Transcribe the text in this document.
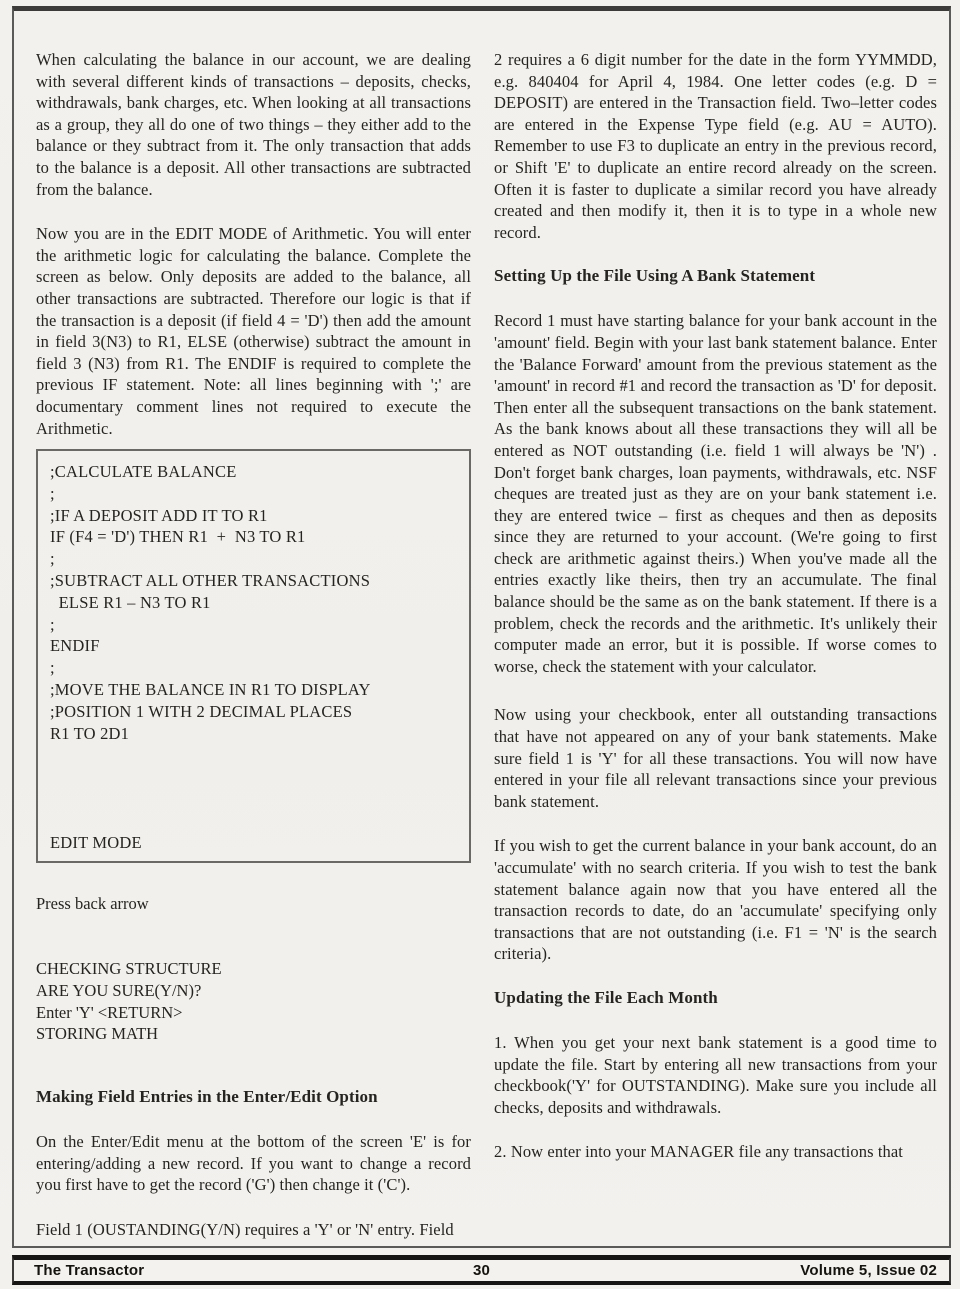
When calculating the balance in our account, we are dealing with several different kinds of transactions – deposits, checks, withdrawals, bank charges, etc. When looking at all transactions as a group, they all do one of two things – they either add to the balance or they subtract from it. The only transaction that adds to the balance is a deposit. All other transactions are subtracted from the balance.

Now you are in the EDIT MODE of Arithmetic. You will enter the arithmetic logic for calculating the balance. Complete the screen as below. Only deposits are added to the balance, all other transactions are subtracted. Therefore our logic is that if the transaction is a deposit (if field 4 = 'D') then add the amount in field 3(N3) to R1, ELSE (otherwise) subtract the amount in field 3 (N3) from R1. The ENDIF is required to complete the previous IF statement. Note: all lines beginning with ';' are documentary comment lines not required to execute the Arithmetic.

;CALCULATE BALANCE
;
;IF A DEPOSIT ADD IT TO R1
IF (F4 = 'D') THEN R1  +  N3 TO R1
;
;SUBTRACT ALL OTHER TRANSACTIONS
ELSE R1 – N3 TO R1
;
ENDIF
;
;MOVE THE BALANCE IN R1 TO DISPLAY
;POSITION 1 WITH 2 DECIMAL PLACES
R1 TO 2D1

EDIT MODE
Press back arrow
CHECKING STRUCTURE
ARE YOU SURE(Y/N)?
Enter 'Y' <RETURN>
STORING MATH
Making Field Entries in the Enter/Edit Option

On the Enter/Edit menu at the bottom of the screen 'E' is for entering/adding a new record. If you want to change a record you first have to get the record ('G') then change it ('C').

Field 1 (OUSTANDING(Y/N) requires a 'Y' or 'N' entry. Field

2 requires a 6 digit number for the date in the form YYMMDD, e.g. 840404 for April 4, 1984. One letter codes (e.g. D = DEPOSIT) are entered in the Transaction field. Two–letter codes are entered in the Expense Type field (e.g. AU = AUTO). Remember to use F3 to duplicate an entry in the previous record, or Shift 'E' to duplicate an entire record already on the screen. Often it is faster to duplicate a similar record you have already created and then modify it, then it is to type in a whole new record.

Setting Up the File Using A Bank Statement

Record 1 must have starting balance for your bank account in the 'amount' field. Begin with your last bank statement balance. Enter the 'Balance Forward' amount from the previous statement as the 'amount' in record #1 and record the transaction as 'D' for deposit. Then enter all the subsequent transactions on the bank statement. As the bank knows about all these transactions they will all be entered as NOT outstanding (i.e. field 1 will always be 'N') . Don't forget bank charges, loan payments, withdrawals, etc. NSF cheques are treated just as they are on your bank statement i.e. they are entered twice – first as cheques and then as deposits since they are returned to your account. (We're going to first check are arithmetic against theirs.) When you've made all the entries exactly like theirs, then try an accumulate. The final balance should be the same as on the bank statement. If there is a problem, check the records and the arithmetic. It's unlikely their computer made an error, but it is possible. If worse comes to worse, check the statement with your calculator.

Now using your checkbook, enter all outstanding transactions that have not appeared on any of your bank statements. Make sure field 1 is 'Y' for all these transactions. You will now have entered in your file all relevant transactions since your previous bank statement.

If you wish to get the current balance in your bank account, do an 'accumulate' with no search criteria. If you wish to test the bank statement balance again now that you have entered all the transaction records to date, do an 'accumulate' specifying only transactions that are not outstanding (i.e. F1 = 'N' is the search criteria).

Updating the File Each Month

1. When you get your next bank statement is a good time to update the file. Start by entering all new transactions from your checkbook('Y' for OUTSTANDING). Make sure you include all checks, deposits and withdrawals.

2. Now enter into your MANAGER file any transactions that

The Transactor	30	Volume 5, Issue 02
